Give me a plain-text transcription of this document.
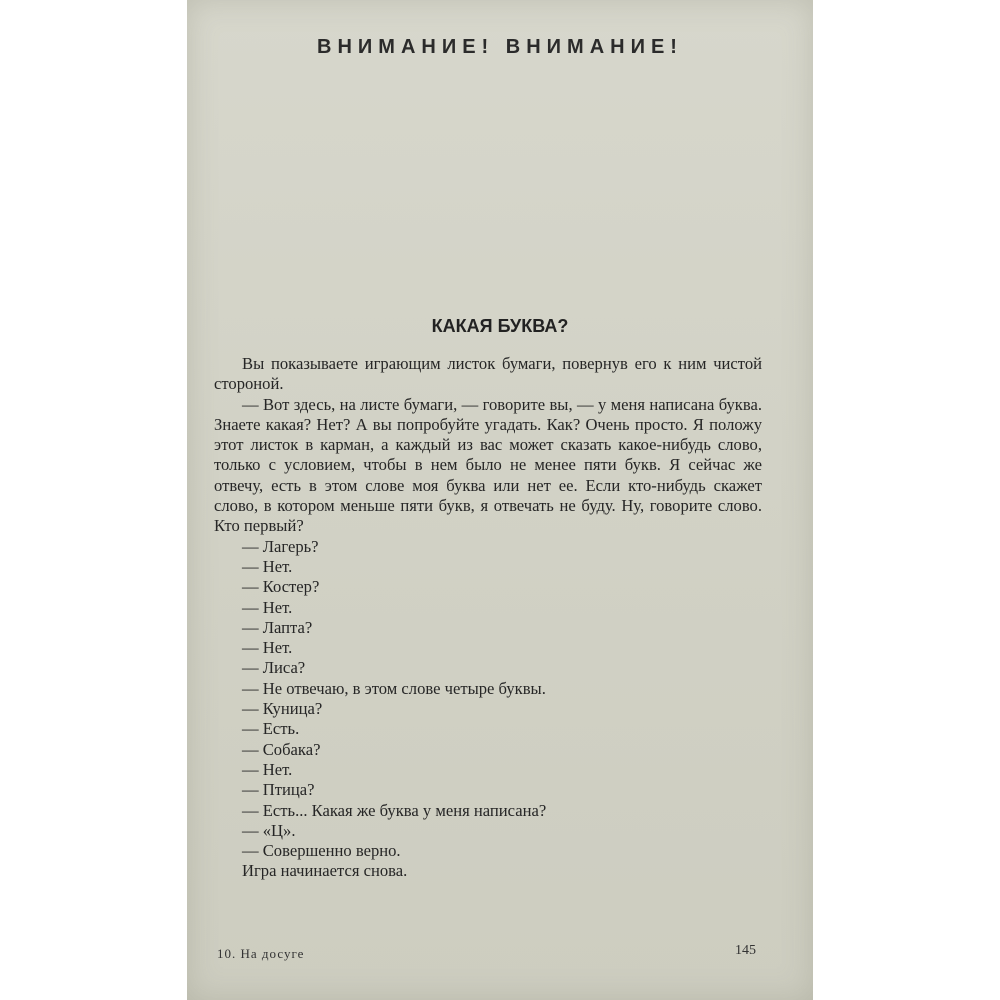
ВНИМАНИЕ! ВНИМАНИЕ!
КАКАЯ БУКВА?

Вы показываете играющим листок бумаги, повернув его к ним чистой стороной.

— Вот здесь, на листе бумаги, — говорите вы, — у меня написана буква. Знаете какая? Нет? А вы попробуйте угадать. Как? Очень просто. Я положу этот листок в карман, а каждый из вас может сказать какое-нибудь слово, только с условием, чтобы в нем было не менее пяти букв. Я сейчас же отвечу, есть в этом слове моя буква или нет ее. Если кто-нибудь скажет слово, в котором меньше пяти букв, я отвечать не буду. Ну, говорите слово. Кто первый?

— Лагерь?
— Нет.
— Костер?
— Нет.
— Лапта?
— Нет.
— Лиса?
— Не отвечаю, в этом слове четыре буквы.
— Куница?
— Есть.
— Собака?
— Нет.
— Птица?
— Есть... Какая же буква у меня написана?
— «Ц».
— Совершенно верно.
Игра начинается снова.
10. На досуге	145
